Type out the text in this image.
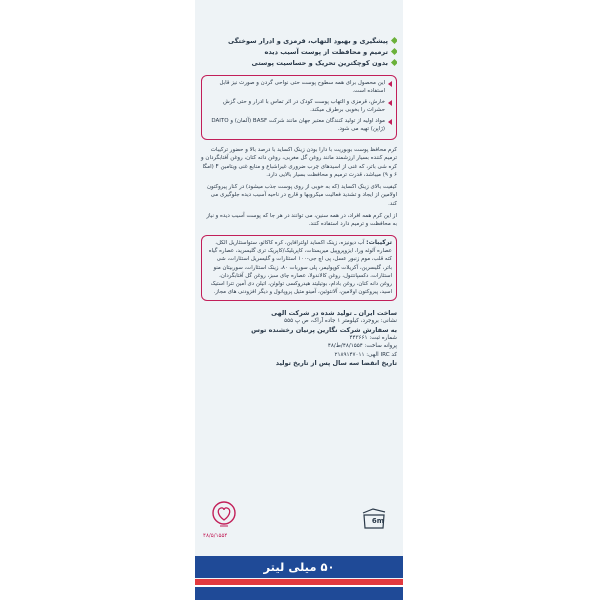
پیشگیری و بهبود التهاب، قرمزی و ادرار سوختگی
ترمیم و محافظت از پوست آسیب دیده
بدون کوچکترین تحریک و حساسیت پوستی

این محصول برای همه سطوح پوست حتی نواحی گردن و صورت نیز قابل استفاده است.

خارش، قرمزی و التهاب پوست کودک در اثر تماس با ادرار و حتی گزش حشرات را بخوبی برطرف میکند.

مواد اولیه از تولید کنندگان معتبر جهان مانند شرکت BASF (آلمان) و DAITO (ژاپن) تهیه می شود.

کرم محافظ پوست بوبوریت با دارا بودن زینک اکساید با درصد بالا و حضور ترکیبات ترمیم کننده بسیار ارزشمند مانند روغن گل مغربی، روغن دانه کتان، روغن آفتابگردان و کره شی باتر، که غنی از اسیدهای چرب ضروری غیراشباع و منابع غنی ویتامین F (امگا ۶ و ۹) میباشد، قدرت ترمیم و محافظت بسیار بالایی دارد.

کیفیت بالای زینک اکساید (که به خوبی از روی پوست جذب میشود) در کنار پیروکتون اولامین از ایجاد و تشدید فعالیت میکروبها و قارچ در ناحیه آسیب دیده جلوگیری می کند.

از این کرم همه افراد، در همه سنین، می توانند در هر جا که پوست آسیب دیده و نیاز به محافظت و ترمیم دارد استفاده کنند.

ترکیبات: آب دیونیزه، زینک اکساید اولترافاین، کره کاکائو، ستواستئاریل الکل، عصاره آلوئه ورا، ایزوپروپیل میریستات، کاپریلیک/کاپریک تری گلیسرید، عصاره گیاه کته قلب، موم زنبور عسل، پی اچ جی-۱۰۰ استئارات و گلیسریل استئارات، شی باتر، گلیسرین، آکریلات کوپولیمر، پلی سوربات ۸۰، زینک استئارات، سوربیتان منو استئارات، دکسپانتنول، روغن کالاندولا، عصاره چای سبز، روغن گل آفتابگردان، روغن دانه کتان، روغن بادام، بوتیلیتد هیدروکسی تولوئن، اتیلن دی آمین تترا استیک اسید، پیروکتون اولامین، آلانتوئین، آمینو متیل پروپانول و دیگر افزودنی های مجاز.
ساخت ایران ـ تولید شده در شرکت الهی
نشانی: بروجرد، کیلومتر ۱ جاده آراک، ص پ ۵۵۵
به سفارش شرکت نگارین پرنیان رخشنده توس
شماره ثبت: ۴۴۳۶۶۱
پروانه ساخت: ۴۸/۱۵۵۴/ط/۴۸
کد IRC الهی: ۲۱۸۹۱۴۷۰۱۱
تاریخ انقضا سه سال پس از تاریخ تولید
۴۸/۵/۱۵۵۴
6m
۵۰ میلی لیتر
